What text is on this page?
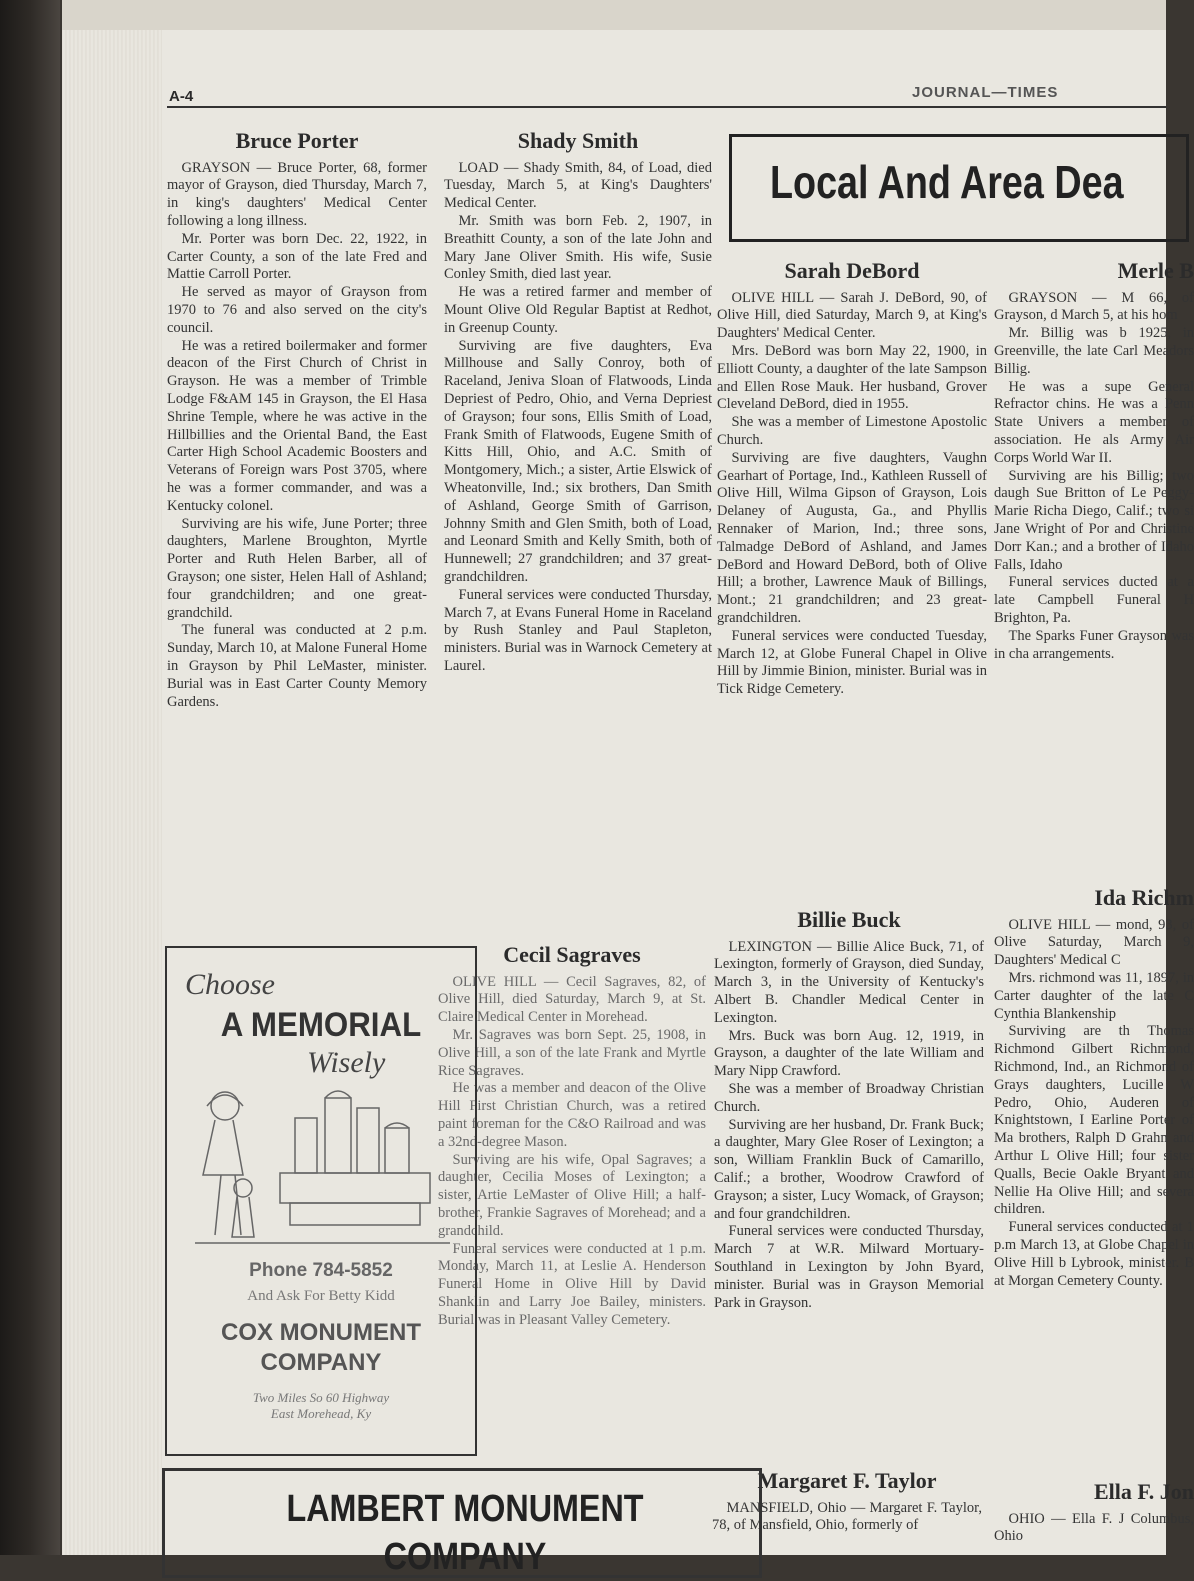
A-4	JOURNAL—TIMES
Local And Area Dea
Bruce Porter

 GRAYSON — Bruce Porter, 68, former mayor of Grayson, died Thursday, March 7, in king's daughters' Medical Center following a long illness.
 Mr. Porter was born Dec. 22, 1922, in Carter County, a son of the late Fred and Mattie Carroll Porter.
 He served as mayor of Grayson from 1970 to 76 and also served on the city's council.
 He was a retired boilermaker and former deacon of the First Church of Christ in Grayson. He was a member of Trimble Lodge F&AM 145 in Grayson, the El Hasa Shrine Temple, where he was active in the Hillbillies and the Oriental Band, the East Carter High School Academic Boosters and Veterans of Foreign wars Post 3705, where he was a former commander, and was a Kentucky colonel.
 Surviving are his wife, June Porter; three daughters, Marlene Broughton, Myrtle Porter and Ruth Helen Barber, all of Grayson; one sister, Helen Hall of Ashland; four grandchildren; and one great-grandchild.
 The funeral was conducted at 2 p.m. Sunday, March 10, at Malone Funeral Home in Grayson by Phil LeMaster, minister. Burial was in East Carter County Memory Gardens.

Shady Smith

 LOAD — Shady Smith, 84, of Load, died Tuesday, March 5, at King's Daughters' Medical Center.
 Mr. Smith was born Feb. 2, 1907, in Breathitt County, a son of the late John and Mary Jane Oliver Smith. His wife, Susie Conley Smith, died last year.
 He was a retired farmer and member of Mount Olive Old Regular Baptist at Redhot, in Greenup County.
 Surviving are five daughters, Eva Millhouse and Sally Conroy, both of Raceland, Jeniva Sloan of Flatwoods, Linda Depriest of Pedro, Ohio, and Verna Depriest of Grayson; four sons, Ellis Smith of Load, Frank Smith of Flatwoods, Eugene Smith of Kitts Hill, Ohio, and A.C. Smith of Montgomery, Mich.; a sister, Artie Elswick of Wheatonville, Ind.; six brothers, Dan Smith of Ashland, George Smith of Garrison, Johnny Smith and Glen Smith, both of Load, and Leonard Smith and Kelly Smith, both of Hunnewell; 27 grandchildren; and 37 great-grandchildren.
 Funeral services were conducted Thursday, March 7, at Evans Funeral Home in Raceland by Rush Stanley and Paul Stapleton, ministers. Burial was in Warnock Cemetery at Laurel.

Cecil Sagraves

 OLIVE HILL — Cecil Sagraves, 82, of Olive Hill, died Saturday, March 9, at St. Claire Medical Center in Morehead.
 Mr. Sagraves was born Sept. 25, 1908, in Olive Hill, a son of the late Frank and Myrtle Rice Sagraves.
 He was a member and deacon of the Olive Hill First Christian Church, was a retired paint foreman for the C&O Railroad and was a 32nd-degree Mason.
 Surviving are his wife, Opal Sagraves; a daughter, Cecilia Moses of Lexington; a sister, Artie LeMaster of Olive Hill; a half-brother, Frankie Sagraves of Morehead; and a grandchild.
 Funeral services were conducted at 1 p.m. Monday, March 11, at Leslie A. Henderson Funeral Home in Olive Hill by David Shanklin and Larry Joe Bailey, ministers. Burial was in Pleasant Valley Cemetery.

Sarah DeBord

 OLIVE HILL — Sarah J. DeBord, 90, of Olive Hill, died Saturday, March 9, at King's Daughters' Medical Center.
 Mrs. DeBord was born May 22, 1900, in Elliott County, a daughter of the late Sampson and Ellen Rose Mauk. Her husband, Grover Cleveland DeBord, died in 1955.
 She was a member of Limestone Apostolic Church.
 Surviving are five daughters, Vaughn Gearhart of Portage, Ind., Kathleen Russell of Olive Hill, Wilma Gipson of Grayson, Lois Delaney of Augusta, Ga., and Phyllis Rennaker of Marion, Ind.; three sons, Talmadge DeBord of Ashland, and James DeBord and Howard DeBord, both of Olive Hill; a brother, Lawrence Mauk of Billings, Mont.; 21 grandchildren; and 23 great-grandchildren.
 Funeral services were conducted Tuesday, March 12, at Globe Funeral Chapel in Olive Hill by Jimmie Binion, minister. Burial was in Tick Ridge Cemetery.

Billie Buck

 LEXINGTON — Billie Alice Buck, 71, of Lexington, formerly of Grayson, died Sunday, March 3, in the University of Kentucky's Albert B. Chandler Medical Center in Lexington.
 Mrs. Buck was born Aug. 12, 1919, in Grayson, a daughter of the late William and Mary Nipp Crawford.
 She was a member of Broadway Christian Church.
 Surviving are her husband, Dr. Frank Buck; a daughter, Mary Glee Roser of Lexington; a son, William Franklin Buck of Camarillo, Calif.; a brother, Woodrow Crawford of Grayson; a sister, Lucy Womack, of Grayson; and four grandchildren.
 Funeral services were conducted Thursday, March 7 at W.R. Milward Mortuary-Southland in Lexington by John Byard, minister. Burial was in Grayson Memorial Park in Grayson.

Margaret F. Taylor

 MANSFIELD, Ohio — Margaret F. Taylor, 78, of Mansfield, Ohio, formerly of

Merle B

 GRAYSON — M 66, of Grayson, d March 5, at his hom
 Mr. Billig was b 1925, in Greenville, the late Carl Meadors Billig.
 He was a supe General Refractor chins. He was a Penn State Univers a member of association. He als Army Air Corps World War II.
 Surviving are his Billig; two daugh Sue Britton of Le Peggy-Marie Richa Diego, Calif.; two si Jane Wright of Por and Christine Dorr Kan.; and a brother of Idaho Falls, Idaho
 Funeral services ducted at a late Campbell Funeral H Brighton, Pa.
 The Sparks Funer Grayson was in cha arrangements.

Ida Richm

 OLIVE HILL — mond, 93, of Olive Saturday, March 9, Daughters' Medical C
 Mrs. richmond was 11, 1897, in Carter daughter of the late C Cynthia Blankenship
 Surviving are th Thomas Richmond Gilbert Richmond, Richmond, Ind., an Richmond of Grays daughters, Lucille W Pedro, Ohio, Auderen of Knightstown, I Earline Porter of Ma brothers, Ralph D Grahn and Arthur L Olive Hill; four sister Qualls, Becie Oakle Bryant and Nellie Ha Olive Hill; and severa children.
 Funeral services conducted at 1 p.m March 13, at Globe Chapel in Olive Hill b Lybrook, minister. B at Morgan Cemetery County.

Ella F. Jon

 OHIO — Ella F. J Columbus, Ohio

Choose
A MEMORIAL
Wisely
Phone 784-5852
And Ask For Betty Kidd
COX MONUMENT
COMPANY
Two Miles So 60 Highway
East Morehead, Ky
LAMBERT MONUMENT
COMPANY
